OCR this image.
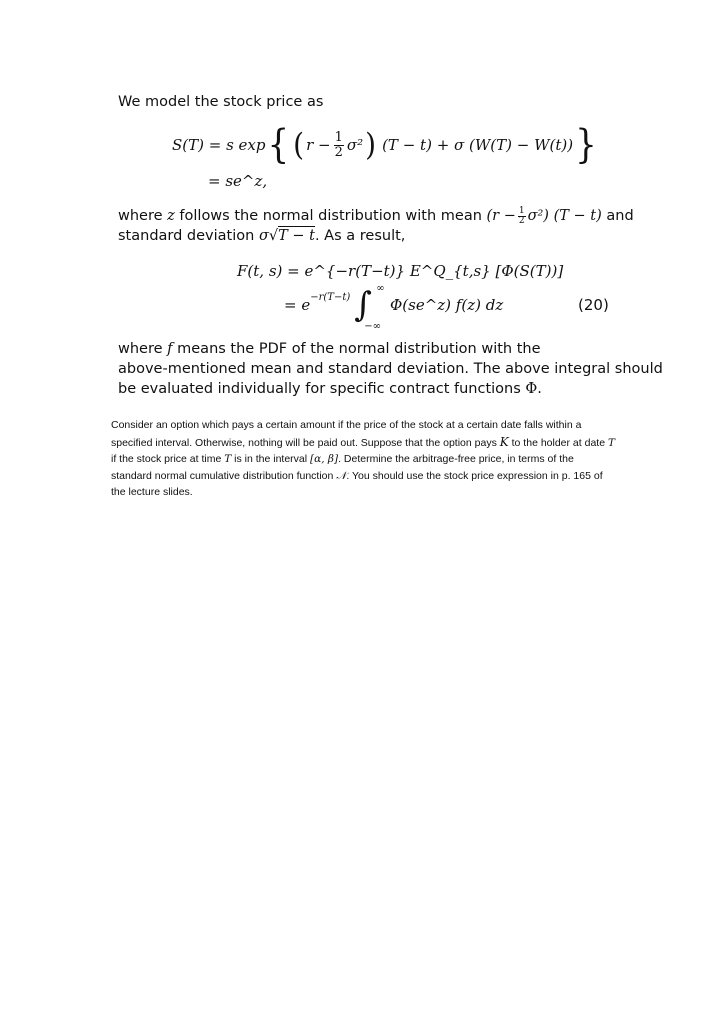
We model the stock price as
S(T) = s exp { ( $r - \frac{1}{2} \sigma^2$ ) (T − t) + σ (W(T) − W(t)) }
= se^z,
where z follows the normal distribution with mean $(r - \frac{1}{2} \sigma^2)$ (T − t) and
standard deviation σ√T − t. As a result,
F(t, s) = e^{−r(T−t)} E^Q_{t,s} [Φ(S(T))]
= $e^{-r(T-t)}$ ∫ ∞
−∞
Φ(se^z) f(z) dz	(20)
where f means the PDF of the normal distribution with the
above-mentioned mean and standard deviation. The above integral should
be evaluated individually for specific contract functions Φ.
Consider an option which pays a certain amount if the price of the stock at a certain date falls within a specified interval. Otherwise, nothing will be paid out. Suppose that the option pays K to the holder at date T if the stock price at time T is in the interval [α, β]. Determine the arbitrage-free price, in terms of the standard normal cumulative distribution function 𝒩. You should use the stock price expression in p. 165 of the lecture slides.
